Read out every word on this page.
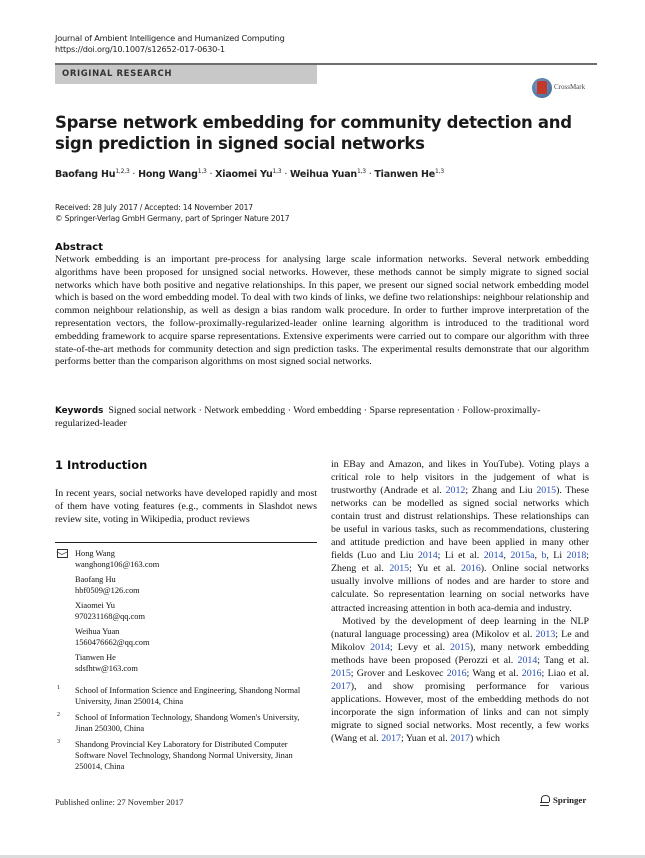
Journal of Ambient Intelligence and Humanized Computing
https://doi.org/10.1007/s12652-017-0630-1
ORIGINAL RESEARCH
CrossMark
Sparse network embedding for community detection and sign prediction in signed social networks
Baofang Hu$^{1,2,3}$ · Hong Wang$^{1,3}$ · Xiaomei Yu$^{1,3}$ · Weihua Yuan$^{1,3}$ · Tianwen He$^{1,3}$
Received: 28 July 2017 / Accepted: 14 November 2017
© Springer-Verlag GmbH Germany, part of Springer Nature 2017
Abstract
Network embedding is an important pre-process for analysing large scale information networks. Several network embedding algorithms have been proposed for unsigned social networks. However, these methods cannot be simply migrate to signed social networks which have both positive and negative relationships. In this paper, we present our signed social network embedding model which is based on the word embedding model. To deal with two kinds of links, we define two relationships: neighbour relationship and common neighbour relationship, as well as design a bias random walk procedure. In order to further improve interpretation of the representation vectors, the follow-proximally-regularized-leader online learning algorithm is introduced to the traditional word embedding framework to acquire sparse representations. Extensive experiments were carried out to compare our algorithm with three state-of-the-art methods for community detection and sign prediction tasks. The experimental results demonstrate that our algorithm performs better than the comparison algorithms on most signed social networks.
Keywords Signed social network · Network embedding · Word embedding · Sparse representation · Follow-proximally-regularized-leader
1 Introduction
In recent years, social networks have developed rapidly and most of them have voting features (e.g., comments in Slashdot news review site, voting in Wikipedia, product reviews
Hong Wang
wanghong106@163.com
Baofang Hu
hbf0509@126.com
Xiaomei Yu
970231168@qq.com
Weihua Yuan
1560476662@qq.com
Tianwen He
sdsfhtw@163.com
1 School of Information Science and Engineering, Shandong Normal University, Jinan 250014, China
2 School of Information Technology, Shandong Women's University, Jinan 250300, China
3 Shandong Provincial Key Laboratory for Distributed Computer Software Novel Technology, Shandong Normal University, Jinan 250014, China

in EBay and Amazon, and likes in YouTube). Voting plays a critical role to help visitors in the judgement of what is trustworthy (Andrade et al. 2012; Zhang and Liu 2015). These networks can be modelled as signed social networks which contain trust and distrust relationships. These relationships can be useful in various tasks, such as recommendations, clustering and attitude prediction and have been applied in many other fields (Luo and Liu 2014; Li et al. 2014, 2015a, b, Li 2018; Zheng et al. 2015; Yu et al. 2016). Online social networks usually involve millions of nodes and are harder to store and calculate. So representation learning on social networks have attracted increasing attention in both aca-demia and industry.

Motived by the development of deep learning in the NLP (natural language processing) area (Mikolov et al. 2013; Le and Mikolov 2014; Levy et al. 2015), many network embedding methods have been proposed (Perozzi et al. 2014; Tang et al. 2015; Grover and Leskovec 2016; Wang et al. 2016; Liao et al. 2017), and show promising performance for various applications. However, most of the embedding methods do not incorporate the sign information of links and can not simply migrate to signed social networks. Most recently, a few works (Wang et al. 2017; Yuan et al. 2017) which

Published online: 27 November 2017	Springer
